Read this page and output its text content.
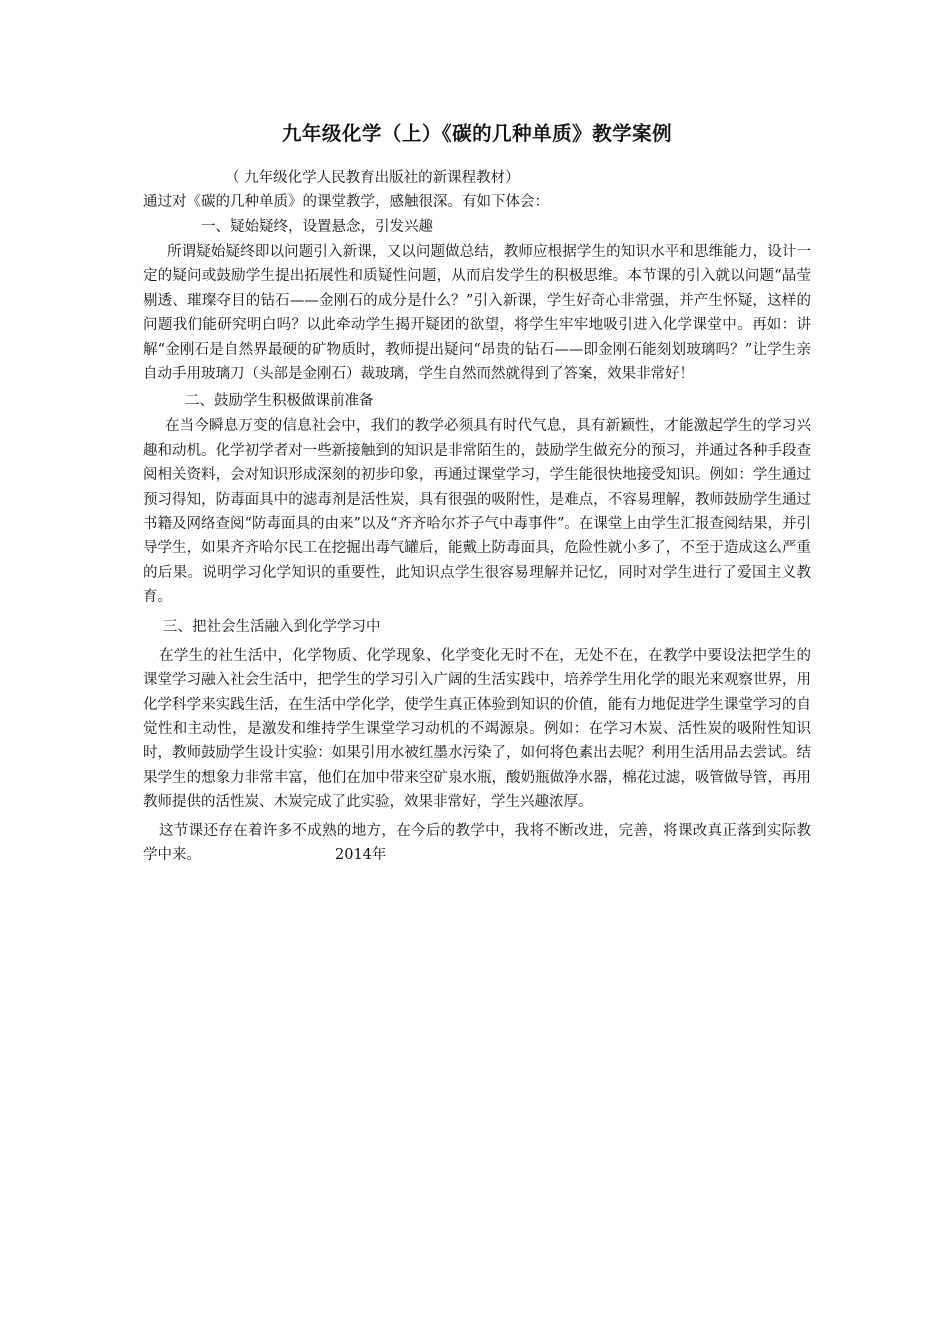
九年级化学（上）《碳的几种单质》教学案例

（ 九年级化学人民教育出版社的新课程教材）

通过对《碳的几种单质》的课堂教学，感触很深。有如下体会：

一、疑始疑终，设置悬念，引发兴趣

所谓疑始疑终即以问题引入新课，又以问题做总结，教师应根据学生的知识水平和思维能力，设计一定的疑问或鼓励学生提出拓展性和质疑性问题，从而启发学生的积极思维。本节课的引入就以问题“晶莹剔透、璀璨夺目的钻石——金刚石的成分是什么？”引入新课，学生好奇心非常强，并产生怀疑，这样的问题我们能研究明白吗？以此牵动学生揭开疑团的欲望，将学生牢牢地吸引进入化学课堂中。再如：讲解“金刚石是自然界最硬的矿物质时，教师提出疑问“昂贵的钻石——即金刚石能刻划玻璃吗？”让学生亲自动手用玻璃刀（头部是金刚石）裁玻璃，学生自然而然就得到了答案，效果非常好！

二、鼓励学生积极做课前准备

在当今瞬息万变的信息社会中，我们的教学必须具有时代气息，具有新颖性，才能激起学生的学习兴趣和动机。化学初学者对一些新接触到的知识是非常陌生的，鼓励学生做充分的预习，并通过各种手段查阅相关资料，会对知识形成深刻的初步印象，再通过课堂学习，学生能很快地接受知识。例如：学生通过预习得知，防毒面具中的滤毒剂是活性炭，具有很强的吸附性，是难点，不容易理解，教师鼓励学生通过书籍及网络查阅“防毒面具的由来”以及“齐齐哈尔芥子气中毒事件”。在课堂上由学生汇报查阅结果，并引导学生，如果齐齐哈尔民工在挖掘出毒气罐后，能戴上防毒面具，危险性就小多了，不至于造成这么严重的后果。说明学习化学知识的重要性，此知识点学生很容易理解并记忆，同时对学生进行了爱国主义教育。

三、把社会生活融入到化学学习中

在学生的社生活中，化学物质、化学现象、化学变化无时不在，无处不在，在教学中要设法把学生的课堂学习融入社会生活中，把学生的学习引入广阔的生活实践中，培养学生用化学的眼光来观察世界，用化学科学来实践生活，在生活中学化学，使学生真正体验到知识的价值，能有力地促进学生课堂学习的自觉性和主动性，是激发和维持学生课堂学习动机的不竭源泉。例如：在学习木炭、活性炭的吸附性知识时，教师鼓励学生设计实验：如果引用水被红墨水污染了，如何将色素出去呢？利用生活用品去尝试。结果学生的想象力非常丰富，他们在加中带来空矿泉水瓶，酸奶瓶做净水器，棉花过滤，吸管做导管，再用教师提供的活性炭、木炭完成了此实验，效果非常好，学生兴趣浓厚。

这节课还存在着许多不成熟的地方，在今后的教学中，我将不断改进，完善，将课改真正落到实际教学中来。	2014年
